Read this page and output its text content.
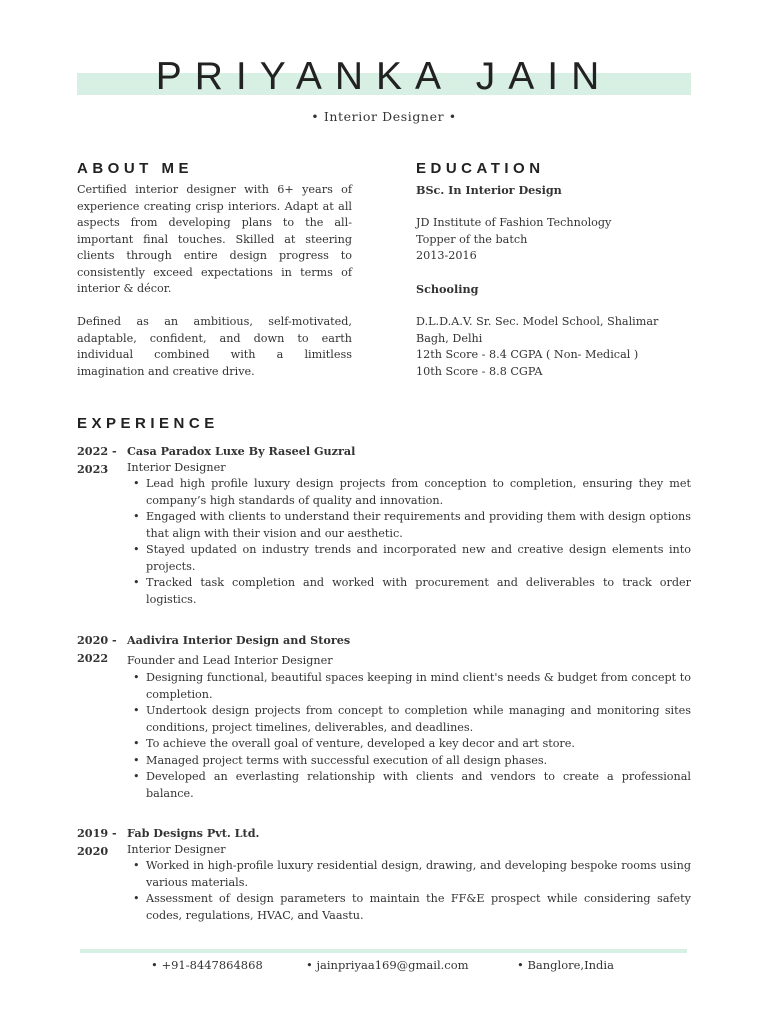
PRIYANKA JAIN
• Interior Designer •
ABOUT ME

Certified interior designer with 6+ years of experience creating crisp interiors. Adapt at all aspects from developing plans to the all-important final touches. Skilled at steering clients through entire design progress to consistently exceed expectations in terms of interior & décor.

Defined as an ambitious, self-motivated, adaptable, confident, and down to earth individual combined with a limitless imagination and creative drive.

EDUCATION
BSc. In Interior Design
JD Institute of Fashion Technology
Topper of the batch
2013-2016
Schooling
D.L.D.A.V. Sr. Sec. Model School, Shalimar
Bagh, Delhi
12th Score - 8.4 CGPA ( Non- Medical )
10th Score - 8.8 CGPA
EXPERIENCE
2022 - 2023
Casa Paradox Luxe By Raseel Guzral
Interior Designer
• Lead high profile luxury design projects from conception to completion, ensuring they met company’s high standards of quality and innovation.
• Engaged with clients to understand their requirements and providing them with design options that align with their vision and our aesthetic.
• Stayed updated on industry trends and incorporated new and creative design elements into projects.
• Tracked task completion and worked with procurement and deliverables to track order logistics.
2020 - 2022
Aadivira Interior Design and Stores
Founder and Lead Interior Designer
• Designing functional, beautiful spaces keeping in mind client's needs & budget from concept to completion.
• Undertook design projects from concept to completion while managing and monitoring sites conditions, project timelines, deliverables, and deadlines.
• To achieve the overall goal of venture, developed a key decor and art store.
• Managed project terms with successful execution of all design phases.
• Developed an everlasting relationship with clients and vendors to create a professional balance.
2019 - 2020
Fab Designs Pvt. Ltd.
Interior Designer
• Worked in high-profile luxury residential design, drawing, and developing bespoke rooms using various materials.
• Assessment of design parameters to maintain the FF&E prospect while considering safety codes, regulations, HVAC, and Vaastu.
• +91-8447864868	• jainpriyaa169@gmail.com	• Banglore,India
